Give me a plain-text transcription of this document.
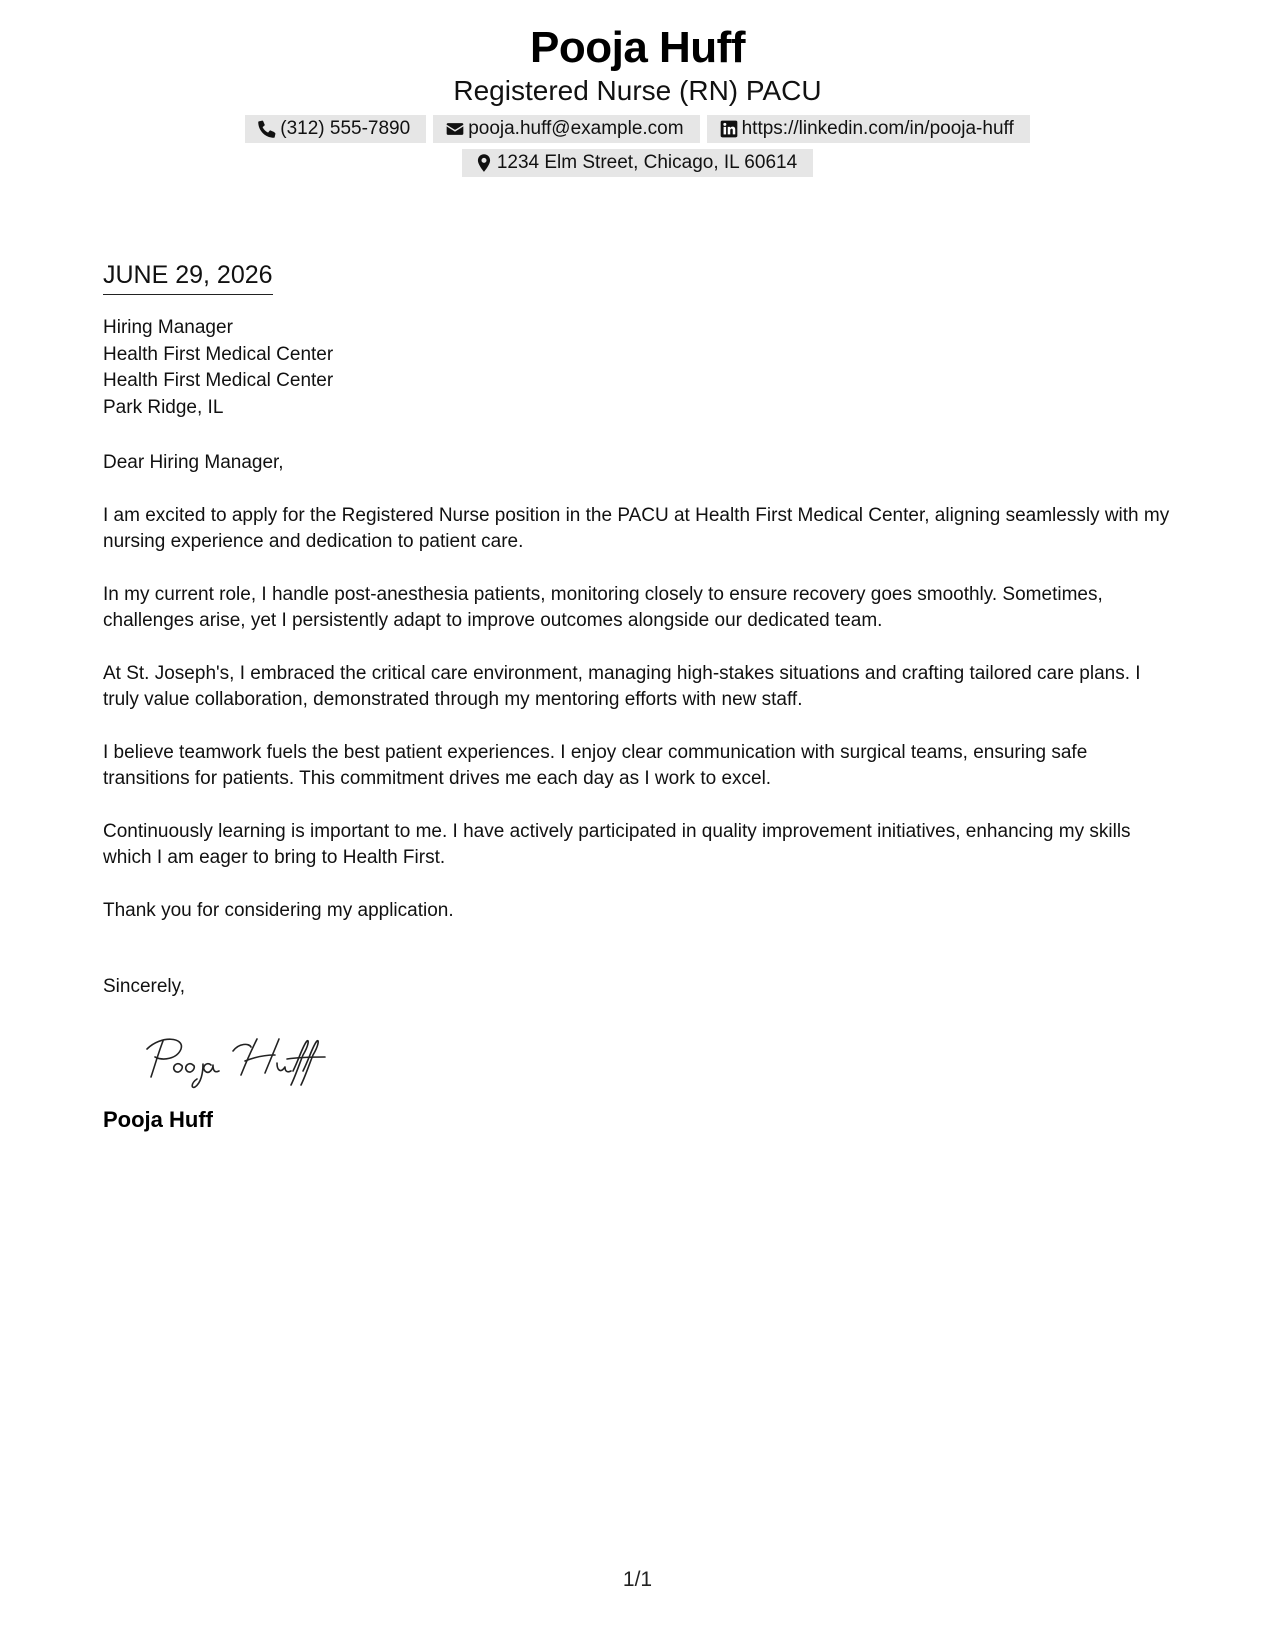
Pooja Huff
Registered Nurse (RN) PACU
(312) 555-7890	pooja.huff@example.com	https://linkedin.com/in/pooja-huff
1234 Elm Street, Chicago, IL 60614
JUNE 29, 2026
Hiring Manager
Health First Medical Center
Health First Medical Center
Park Ridge, IL
Dear Hiring Manager,
I am excited to apply for the Registered Nurse position in the PACU at Health First Medical Center, aligning seamlessly with my nursing experience and dedication to patient care.
In my current role, I handle post-anesthesia patients, monitoring closely to ensure recovery goes smoothly. Sometimes, challenges arise, yet I persistently adapt to improve outcomes alongside our dedicated team.
At St. Joseph's, I embraced the critical care environment, managing high-stakes situations and crafting tailored care plans. I truly value collaboration, demonstrated through my mentoring efforts with new staff.
I believe teamwork fuels the best patient experiences. I enjoy clear communication with surgical teams, ensuring safe transitions for patients. This commitment drives me each day as I work to excel.
Continuously learning is important to me. I have actively participated in quality improvement initiatives, enhancing my skills which I am eager to bring to Health First.
Thank you for considering my application.
Sincerely,
Pooja Huff
1/1
